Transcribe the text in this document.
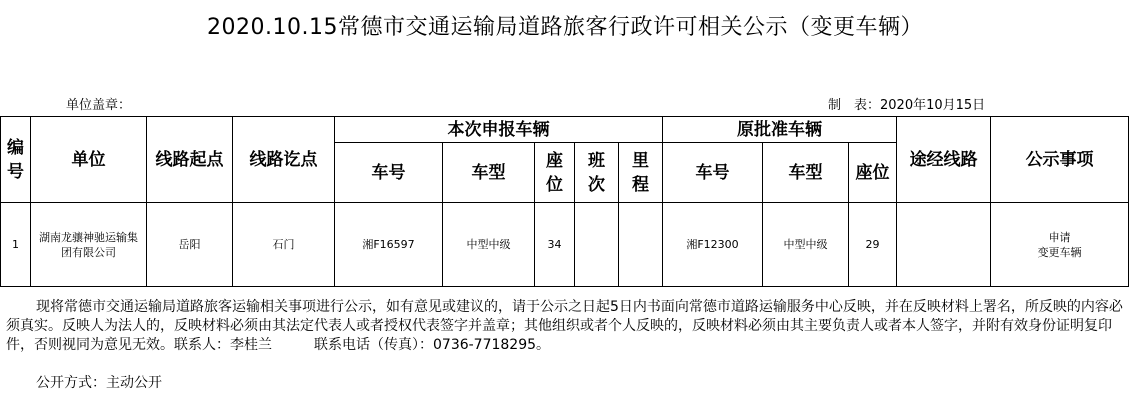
2020.10.15常德市交通运输局道路旅客行政许可相关公示（变更车辆）
单位盖章：	制　表：2020年10月15日
编号	单位	线路起点	线路讫点	本次申报车辆					原批准车辆			途经线路	公示事项
				车号	车型	座位	班次	里程	车号	车型	座位		
1	湖南龙骧神驰运输集团有限公司	岳阳	石门	湘F16597	中型中级	34			湘F12300	中型中级	29		申请
变更车辆
现将常德市交通运输局道路旅客运输相关事项进行公示，如有意见或建议的，请于公示之日起5日内书面向常德市道路运输服务中心反映，并在反映材料上署名，所反映的内容必须真实。反映人为法人的，反映材料必须由其法定代表人或者授权代表签字并盖章；其他组织或者个人反映的，反映材料必须由其主要负责人或者本人签字，并附有效身份证明复印件，否则视同为意见无效。联系人：李桂兰　　　联系电话（传真）：0736-7718295。
公开方式：主动公开
